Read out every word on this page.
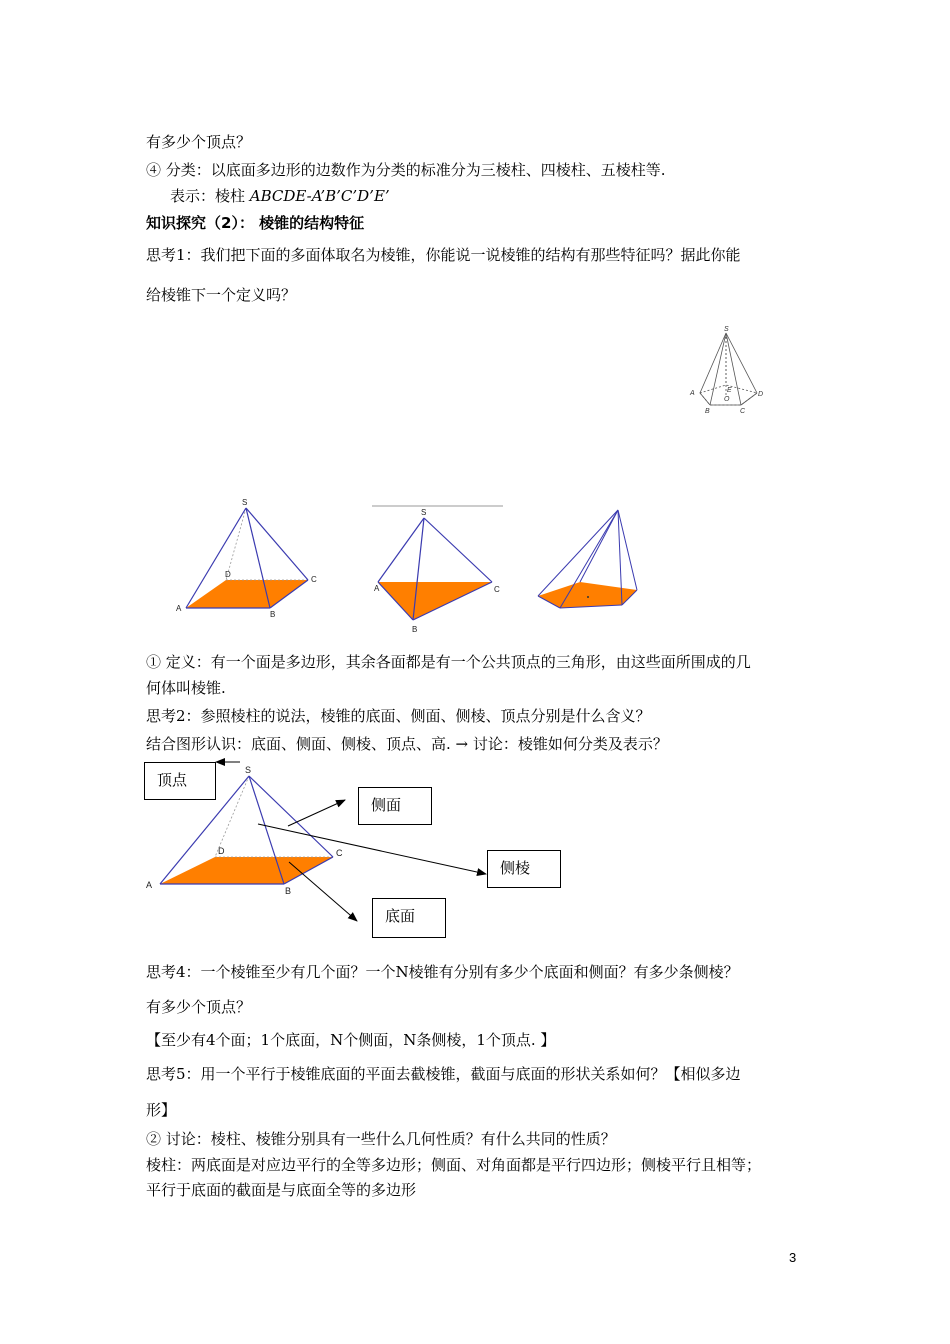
有多少个顶点？
④ 分类：以底面多边形的边数作为分类的标准分为三棱柱、四棱柱、五棱柱等.
表示：棱柱 ABCDE-A’B’C’D’E’
知识探究（2）： 棱锥的结构特征
思考1：我们把下面的多面体取名为棱锥，你能说一说棱锥的结构有那些特征吗？据此你能
给棱锥下一个定义吗？
① 定义：有一个面是多边形，其余各面都是有一个公共顶点的三角形，由这些面所围成的几
何体叫棱锥.
思考2：参照棱柱的说法，棱锥的底面、侧面、侧棱、顶点分别是什么含义？
结合图形认识：底面、侧面、侧棱、顶点、高. → 讨论：棱锥如何分类及表示？
思考4：一个棱锥至少有几个面？一个N棱锥有分别有多少个底面和侧面？有多少条侧棱？
有多少个顶点？
【至少有4个面；1个底面，N个侧面，N条侧棱，1个顶点. 】
思考5：用一个平行于棱锥底面的平面去截棱锥，截面与底面的形状关系如何？【相似多边
形】
② 讨论：棱柱、棱锥分别具有一些什么几何性质？有什么共同的性质？
棱柱：两底面是对应边平行的全等多边形；侧面、对角面都是平行四边形；侧棱平行且相等；
平行于底面的截面是与底面全等的多边形
S
A
B	C
D
E
O
S
A
B
C
D
S
A
B
C
S
A
B
C
D
顶点
侧面
侧棱
底面
3
